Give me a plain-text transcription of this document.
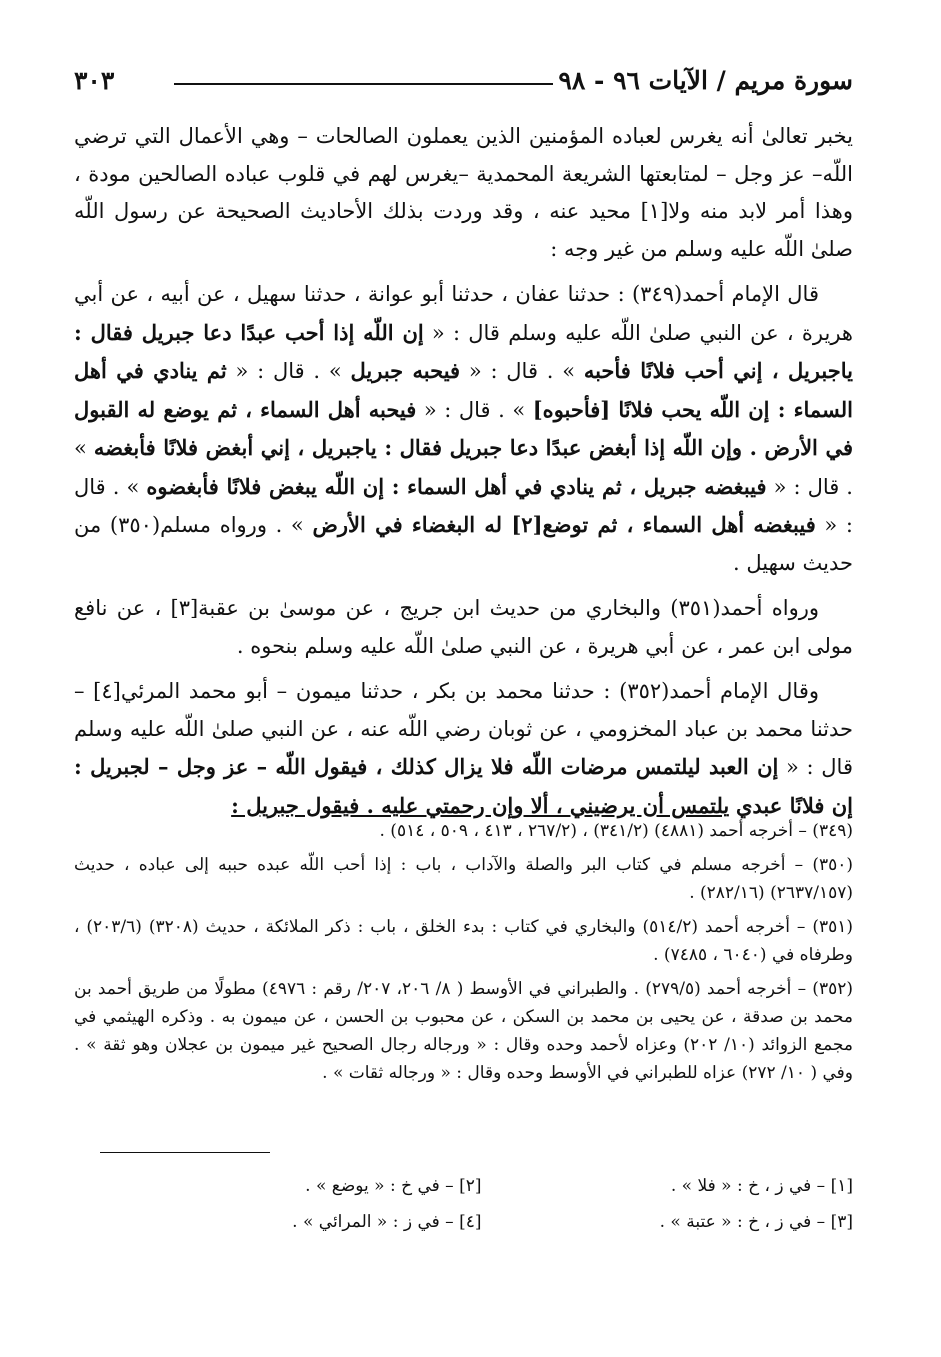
سورة مريم / الآيات ٩٦ - ٩٨
٣٠٣

يخبر تعالىٰ أنه يغرس لعباده المؤمنين الذين يعملون الصالحات – وهي الأعمال التي ترضي اللّه– عز وجل – لمتابعتها الشريعة المحمدية –يغرس لهم في قلوب عباده الصالحين مودة ، وهذا أمر لابد منه ولا[١] محيد عنه ، وقد وردت بذلك الأحاديث الصحيحة عن رسول اللّه صلىٰ اللّه عليه وسلم من غير وجه :

قال الإمام أحمد(٣٤٩) : حدثنا عفان ، حدثنا أبو عوانة ، حدثنا سهيل ، عن أبيه ، عن أبي هريرة ، عن النبي صلىٰ اللّه عليه وسلم قال : « إن اللّه إذا أحب عبدًا دعا جبريل فقال : ياجبريل ، إني أحب فلانًا فأحبه » . قال : « فيحبه جبريل » . قال : « ثم ينادي في أهل السماء : إن اللّه يحب فلانًا [فأحبوه] » . قال : « فيحبه أهل السماء ، ثم يوضع له القبول في الأرض . وإن اللّه إذا أبغض عبدًا دعا جبريل فقال : ياجبريل ، إني أبغض فلانًا فأبغضه » . قال : « فيبغضه جبريل ، ثم ينادي في أهل السماء : إن اللّه يبغض فلانًا فأبغضوه » . قال : « فيبغضه أهل السماء ، ثم توضع[٢] له البغضاء في الأرض » . ورواه مسلم(٣٥٠) من حديث سهيل .

ورواه أحمد(٣٥١) والبخاري من حديث ابن جريج ، عن موسىٰ بن عقبة[٣] ، عن نافع مولى ابن عمر ، عن أبي هريرة ، عن النبي صلىٰ اللّه عليه وسلم بنحوه .

وقال الإمام أحمد(٣٥٢) : حدثنا محمد بن بكر ، حدثنا ميمون – أبو محمد المرئي[٤] – حدثنا محمد بن عباد المخزومي ، عن ثوبان رضي اللّه عنه ، عن النبي صلىٰ اللّه عليه وسلم قال : « إن العبد ليلتمس مرضات اللّه فلا يزال كذلك ، فيقول اللّه – عز وجل – لجبريل : إن فلانًا عبدي يلتمس أن يرضيني ، ألا وإن رحمتي عليه . فيقول جبريل :

(٣٤٩) – أخرجه أحمد (٤٨٨١) (٣٤١/٢) ، (٢٦٧/٢ ، ٤١٣ ، ٥٠٩ ، ٥١٤) .

(٣٥٠) – أخرجه مسلم في كتاب البر والصلة والآداب ، باب : إذا أحب اللّه عبده حببه إلى عباده ، حديث (٢٦٣٧/١٥٧) (٢٨٢/١٦) .

(٣٥١) – أخرجه أحمد (٥١٤/٢) والبخاري في كتاب : بدء الخلق ، باب : ذكر الملائكة ، حديث (٣٢٠٨) (٢٠٣/٦) ، وطرفاه في (٦٠٤٠ ، ٧٤٨٥) .

(٣٥٢) – أخرجه أحمد (٢٧٩/٥) . والطبراني في الأوسط ( ٨/ ٢٠٦، ٢٠٧/ رقم : ٤٩٧٦) مطولًا من طريق أحمد بن محمد بن صدقة ، عن يحيى بن محمد بن السكن ، عن محبوب بن الحسن ، عن ميمون به . وذكره الهيثمي في مجمع الزوائد (١٠/ ٢٠٢) وعزاه لأحمد وحده وقال : « ورجاله رجال الصحيح غير ميمون بن عجلان وهو ثقة » . وفي ( ١٠/ ٢٧٢) عزاه للطبراني في الأوسط وحده وقال : « ورجاله ثقات » .

[١] – في ز ، خ : « فلا » .
[٢] – في خ : « يوضع » .
[٣] – في ز ، خ : « عتبة » .
[٤] – في ز : « المرائي » .
